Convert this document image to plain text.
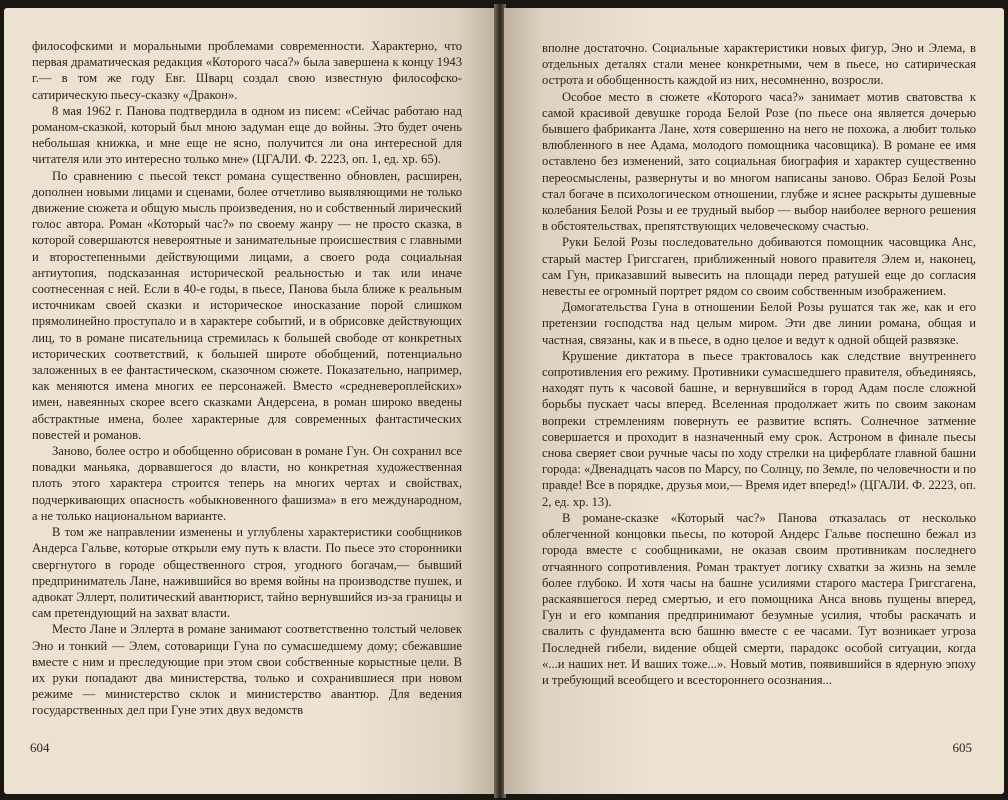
философскими и моральными проблемами современности. Характерно, что первая драматическая редакция «Которого часа?» была завершена к концу 1943 г.— в том же году Евг. Шварц создал свою известную философско-сатирическую пьесу-сказку «Дракон».

8 мая 1962 г. Панова подтвердила в одном из писем: «Сейчас работаю над романом-сказкой, который был мною задуман еще до войны. Это будет очень небольшая книжка, и мне еще не ясно, получится ли она интересной для читателя или это интересно только мне» (ЦГАЛИ. Ф. 2223, оп. 1, ед. хр. 65).

По сравнению с пьесой текст романа существенно обновлен, расширен, дополнен новыми лицами и сценами, более отчетливо выявляющими не только движение сюжета и общую мысль произведения, но и собственный лирический голос автора. Роман «Который час?» по своему жанру — не просто сказка, в которой совершаются невероятные и занимательные происшествия с главными и второстепенными действующими лицами, а своего рода социальная антиутопия, подсказанная исторической реальностью и так или иначе соотнесенная с ней. Если в 40-е годы, в пьесе, Панова была ближе к реальным источникам своей сказки и историческое иносказание порой слишком прямолинейно проступало и в характере событий, и в обрисовке действующих лиц, то в романе писательница стремилась к большей свободе от конкретных исторических соответствий, к большей широте обобщений, потенциально заложенных в ее фантастическом, сказочном сюжете. Показательно, например, как меняются имена многих ее персонажей. Вместо «средневероплейских» имен, навеянных скорее всего сказками Андерсена, в роман широко введены абстрактные имена, более характерные для современных фантастических повестей и романов.

Заново, более остро и обобщенно обрисован в романе Гун. Он сохранил все повадки маньяка, дорвавшегося до власти, но конкретная художественная плоть этого характера строится теперь на многих чертах и свойствах, подчеркивающих опасность «обыкновенного фашизма» в его международном, а не только национальном варианте.

В том же направлении изменены и углублены характеристики сообщников Андерса Гальве, которые открыли ему путь к власти. По пьесе это сторонники свергнутого в городе общественного строя, угодного богачам,— бывший предприниматель Лане, нажившийся во время войны на производстве пушек, и адвокат Эллерт, политический авантюрист, тайно вернувшийся из-за границы и сам претендующий на захват власти.

Место Лане и Эллерта в романе занимают соответственно толстый человек Эно и тонкий — Элем, сотоварищи Гуна по сумасшедшему дому; сбежавшие вместе с ним и преследующие при этом свои собственные корыстные цели. В их руки попадают два министерства, только и сохранившиеся при новом режиме — министерство склок и министерство авантюр. Для ведения государственных дел при Гуне этих двух ведомств

604

вполне достаточно. Социальные характеристики новых фигур, Эно и Элема, в отдельных деталях стали менее конкретными, чем в пьесе, но сатирическая острота и обобщенность каждой из них, несомненно, возросли.

Особое место в сюжете «Которого часа?» занимает мотив сватовства к самой красивой девушке города Белой Розе (по пьесе она является дочерью бывшего фабриканта Лане, хотя совершенно на него не похожа, а любит только влюбленного в нее Адама, молодого помощника часовщика). В романе ее имя оставлено без изменений, зато социальная биография и характер существенно переосмыслены, развернуты и во многом написаны заново. Образ Белой Розы стал богаче в психологическом отношении, глубже и яснее раскрыты душевные колебания Белой Розы и ее трудный выбор — выбор наиболее верного решения в обстоятельствах, препятствующих человеческому счастью.

Руки Белой Розы последовательно добиваются помощник часовщика Анс, старый мастер Григсгаген, приближенный нового правителя Элем и, наконец, сам Гун, приказавший вывесить на площади перед ратушей еще до согласия невесты ее огромный портрет рядом со своим собственным изображением.

Домогательства Гуна в отношении Белой Розы рушатся так же, как и его претензии господства над целым миром. Эти две линии романа, общая и частная, связаны, как и в пьесе, в одно целое и ведут к одной общей развязке.

Крушение диктатора в пьесе трактовалось как следствие внутреннего сопротивления его режиму. Противники сумасшедшего правителя, объединяясь, находят путь к часовой башне, и вернувшийся в город Адам после сложной борьбы пускает часы вперед. Вселенная продолжает жить по своим законам вопреки стремлениям повернуть ее развитие вспять. Солнечное затмение совершается и проходит в назначенный ему срок. Астроном в финале пьесы снова сверяет свои ручные часы по ходу стрелки на циферблате главной башни города: «Двенадцать часов по Марсу, по Солнцу, по Земле, по человечности и по правде! Все в порядке, друзья мои,— Время идет вперед!» (ЦГАЛИ. Ф. 2223, оп. 2, ед. хр. 13).

В романе-сказке «Который час?» Панова отказалась от несколько облегченной концовки пьесы, по которой Андерс Гальве поспешно бежал из города вместе с сообщниками, не оказав своим противникам последнего отчаянного сопротивления. Роман трактует логику схватки за жизнь на земле более глубоко. И хотя часы на башне усилиями старого мастера Григсгагена, раскаявшегося перед смертью, и его помощника Анса вновь пущены вперед, Гун и его компания предпринимают безумные усилия, чтобы раскачать и свалить с фундамента всю башню вместе с ее часами. Тут возникает угроза Последней гибели, видение общей смерти, парадокс особой ситуации, когда «...и наших нет. И ваших тоже...». Новый мотив, появившийся в ядерную эпоху и требующий всеобщего и всестороннего осознания...

605
